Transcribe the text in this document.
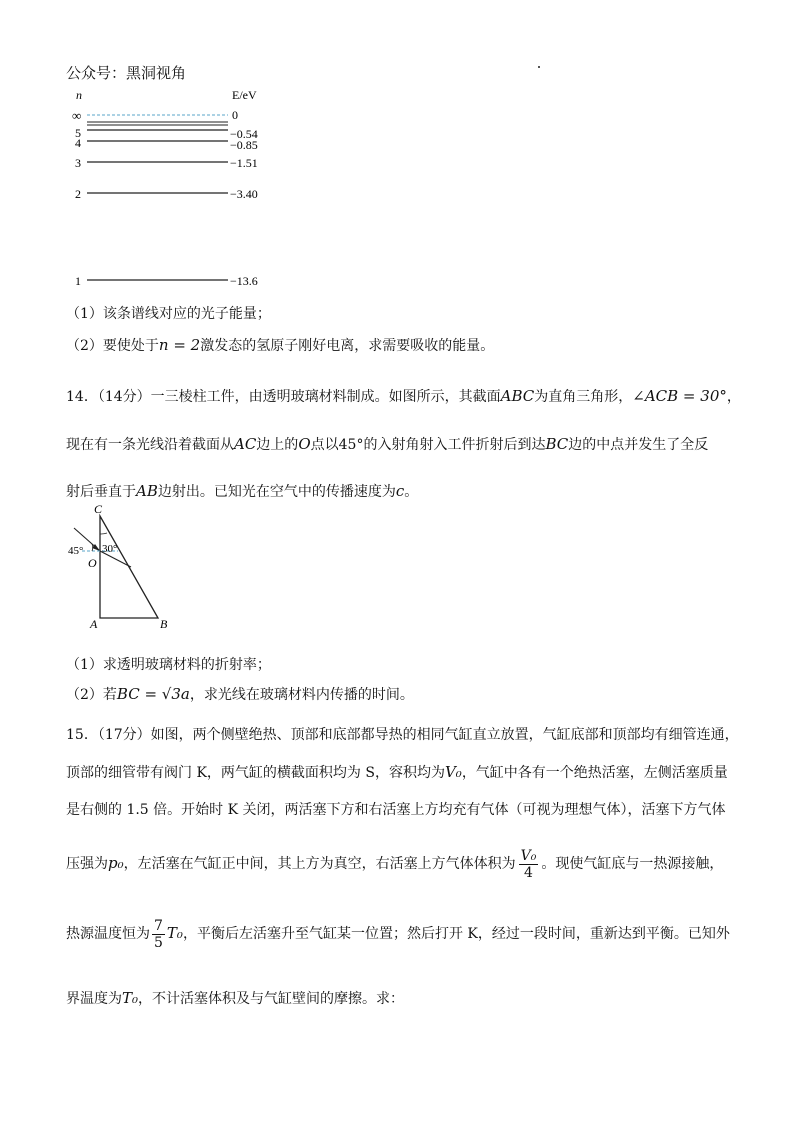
公众号：黑洞视角
n	E/eV
∞	0
5	−0.54
4	−0.85
3	−1.51
2	−3.40
1	−13.6
（1）该条谱线对应的光子能量；
（2）要使处于n = 2激发态的氢原子刚好电离，求需要吸收的能量。
14．（14分）一三棱柱工件，由透明玻璃材料制成。如图所示，其截面ABC为直角三角形，∠ACB = 30°，
现在有一条光线沿着截面从AC边上的O点以45°的入射角射入工件折射后到达BC边的中点并发生了全反
射后垂直于AB边射出。已知光在空气中的传播速度为c。
C
A	B
O
45° 30°
（1）求透明玻璃材料的折射率；
（2）若BC = √3a，求光线在玻璃材料内传播的时间。
15．（17分）如图，两个侧壁绝热、顶部和底部都导热的相同气缸直立放置，气缸底部和顶部均有细管连通，
顶部的细管带有阀门 K，两气缸的横截面积均为 S，容积均为V₀，气缸中各有一个绝热活塞，左侧活塞质量
是右侧的 1.5 倍。开始时 K 关闭，两活塞下方和右活塞上方均充有气体（可视为理想气体），活塞下方气体
压强为p₀，左活塞在气缸正中间，其上方为真空，右活塞上方气体体积为 $\frac{\text{V₀}}{4}$ 。现使气缸底与一热源接触，
热源温度恒为 $\frac{7}{5} T_0$，平衡后左活塞升至气缸某一位置；然后打开 K，经过一段时间，重新达到平衡。已知外
界温度为T₀，不计活塞体积及与气缸壁间的摩擦。求：
